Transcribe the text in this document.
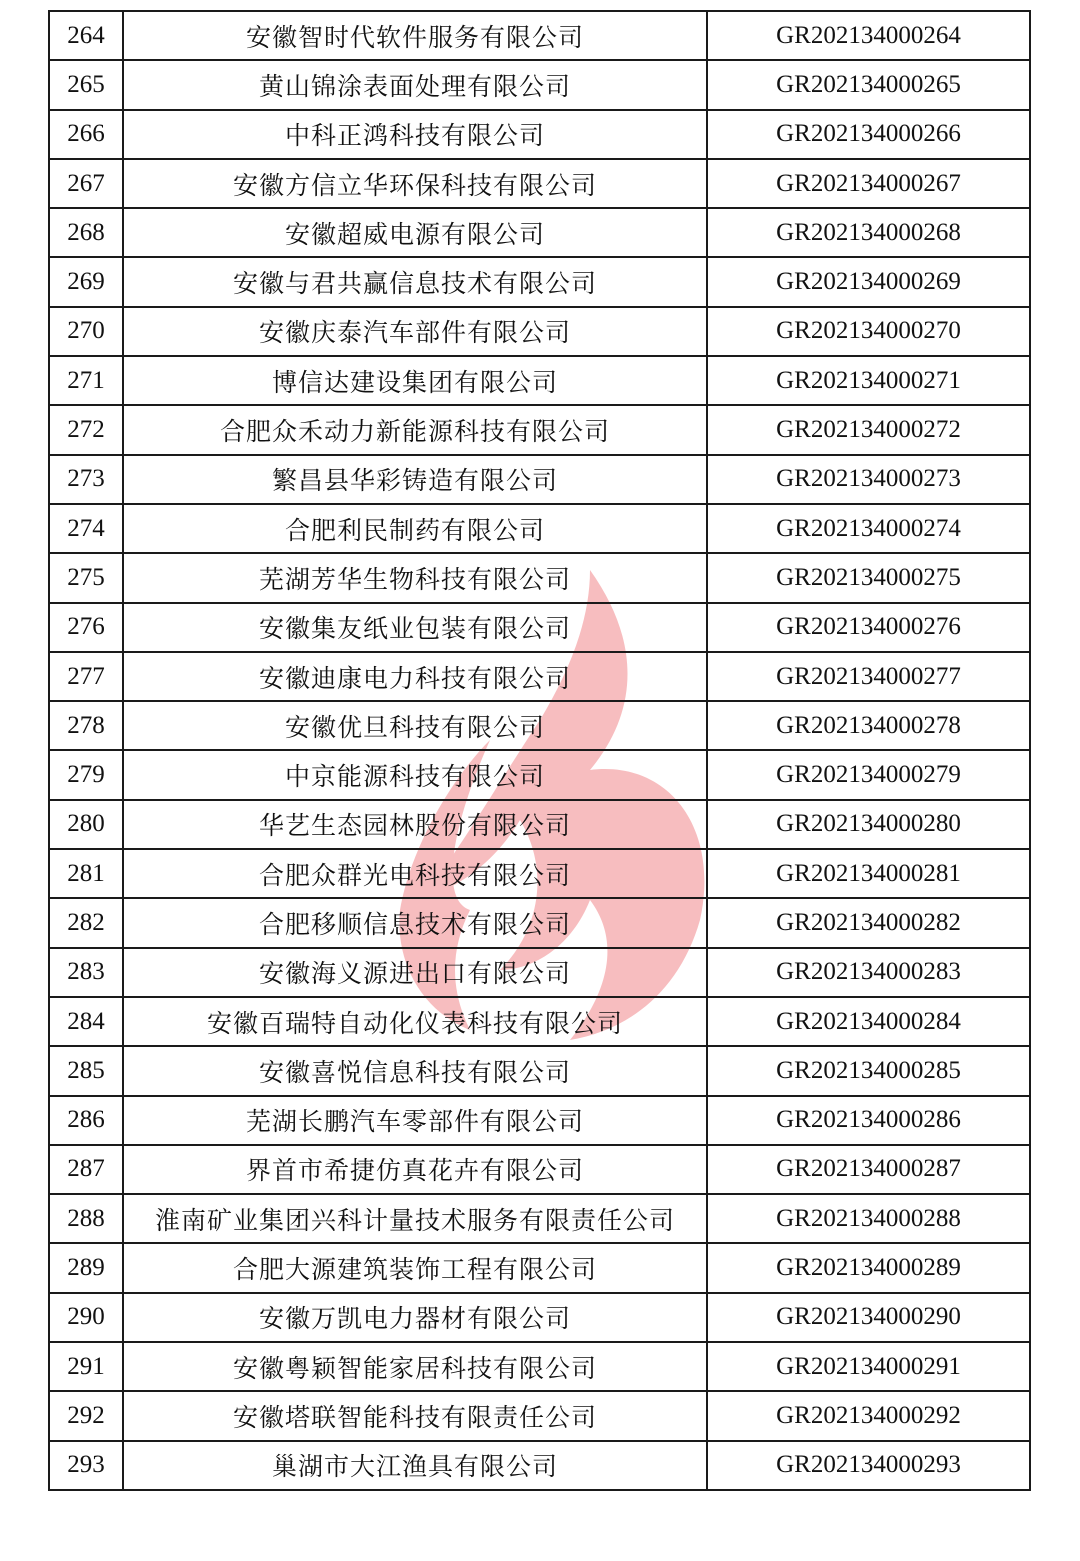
264	安徽智时代软件服务有限公司	GR202134000264
265	黄山锦涂表面处理有限公司	GR202134000265
266	中科正鸿科技有限公司	GR202134000266
267	安徽方信立华环保科技有限公司	GR202134000267
268	安徽超威电源有限公司	GR202134000268
269	安徽与君共赢信息技术有限公司	GR202134000269
270	安徽庆泰汽车部件有限公司	GR202134000270
271	博信达建设集团有限公司	GR202134000271
272	合肥众禾动力新能源科技有限公司	GR202134000272
273	繁昌县华彩铸造有限公司	GR202134000273
274	合肥利民制药有限公司	GR202134000274
275	芜湖芳华生物科技有限公司	GR202134000275
276	安徽集友纸业包装有限公司	GR202134000276
277	安徽迪康电力科技有限公司	GR202134000277
278	安徽优旦科技有限公司	GR202134000278
279	中京能源科技有限公司	GR202134000279
280	华艺生态园林股份有限公司	GR202134000280
281	合肥众群光电科技有限公司	GR202134000281
282	合肥移顺信息技术有限公司	GR202134000282
283	安徽海义源进出口有限公司	GR202134000283
284	安徽百瑞特自动化仪表科技有限公司	GR202134000284
285	安徽喜悦信息科技有限公司	GR202134000285
286	芜湖长鹏汽车零部件有限公司	GR202134000286
287	界首市希捷仿真花卉有限公司	GR202134000287
288	淮南矿业集团兴科计量技术服务有限责任公司	GR202134000288
289	合肥大源建筑装饰工程有限公司	GR202134000289
290	安徽万凯电力器材有限公司	GR202134000290
291	安徽粤颖智能家居科技有限公司	GR202134000291
292	安徽塔联智能科技有限责任公司	GR202134000292
293	巢湖市大江渔具有限公司	GR202134000293
